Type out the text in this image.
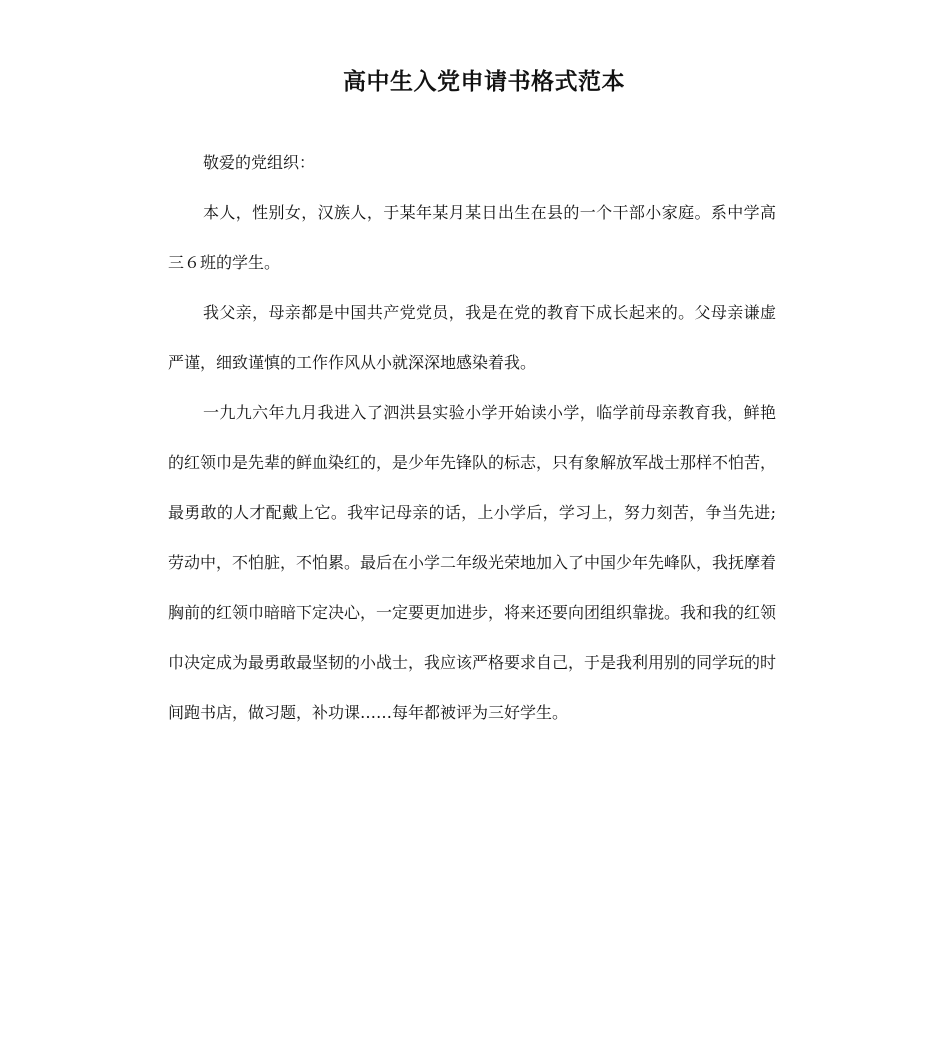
高中生入党申请书格式范本

敬爱的党组织：

本人，性别女，汉族人，于某年某月某日出生在县的一个干部小家庭。系中学高三６班的学生。

我父亲，母亲都是中国共产党党员，我是在党的教育下成长起来的。父母亲谦虚严谨，细致谨慎的工作作风从小就深深地感染着我。

一九九六年九月我进入了泗洪县实验小学开始读小学，临学前母亲教育我，鲜艳的红领巾是先辈的鲜血染红的，是少年先锋队的标志，只有象解放军战士那样不怕苦，最勇敢的人才配戴上它。我牢记母亲的话，上小学后，学习上，努力刻苦，争当先进;劳动中，不怕脏，不怕累。最后在小学二年级光荣地加入了中国少年先峰队，我抚摩着胸前的红领巾暗暗下定决心，一定要更加进步，将来还要向团组织靠拢。我和我的红领巾决定成为最勇敢最坚韧的小战士，我应该严格要求自己，于是我利用别的同学玩的时间跑书店，做习题，补功课……每年都被评为三好学生。
